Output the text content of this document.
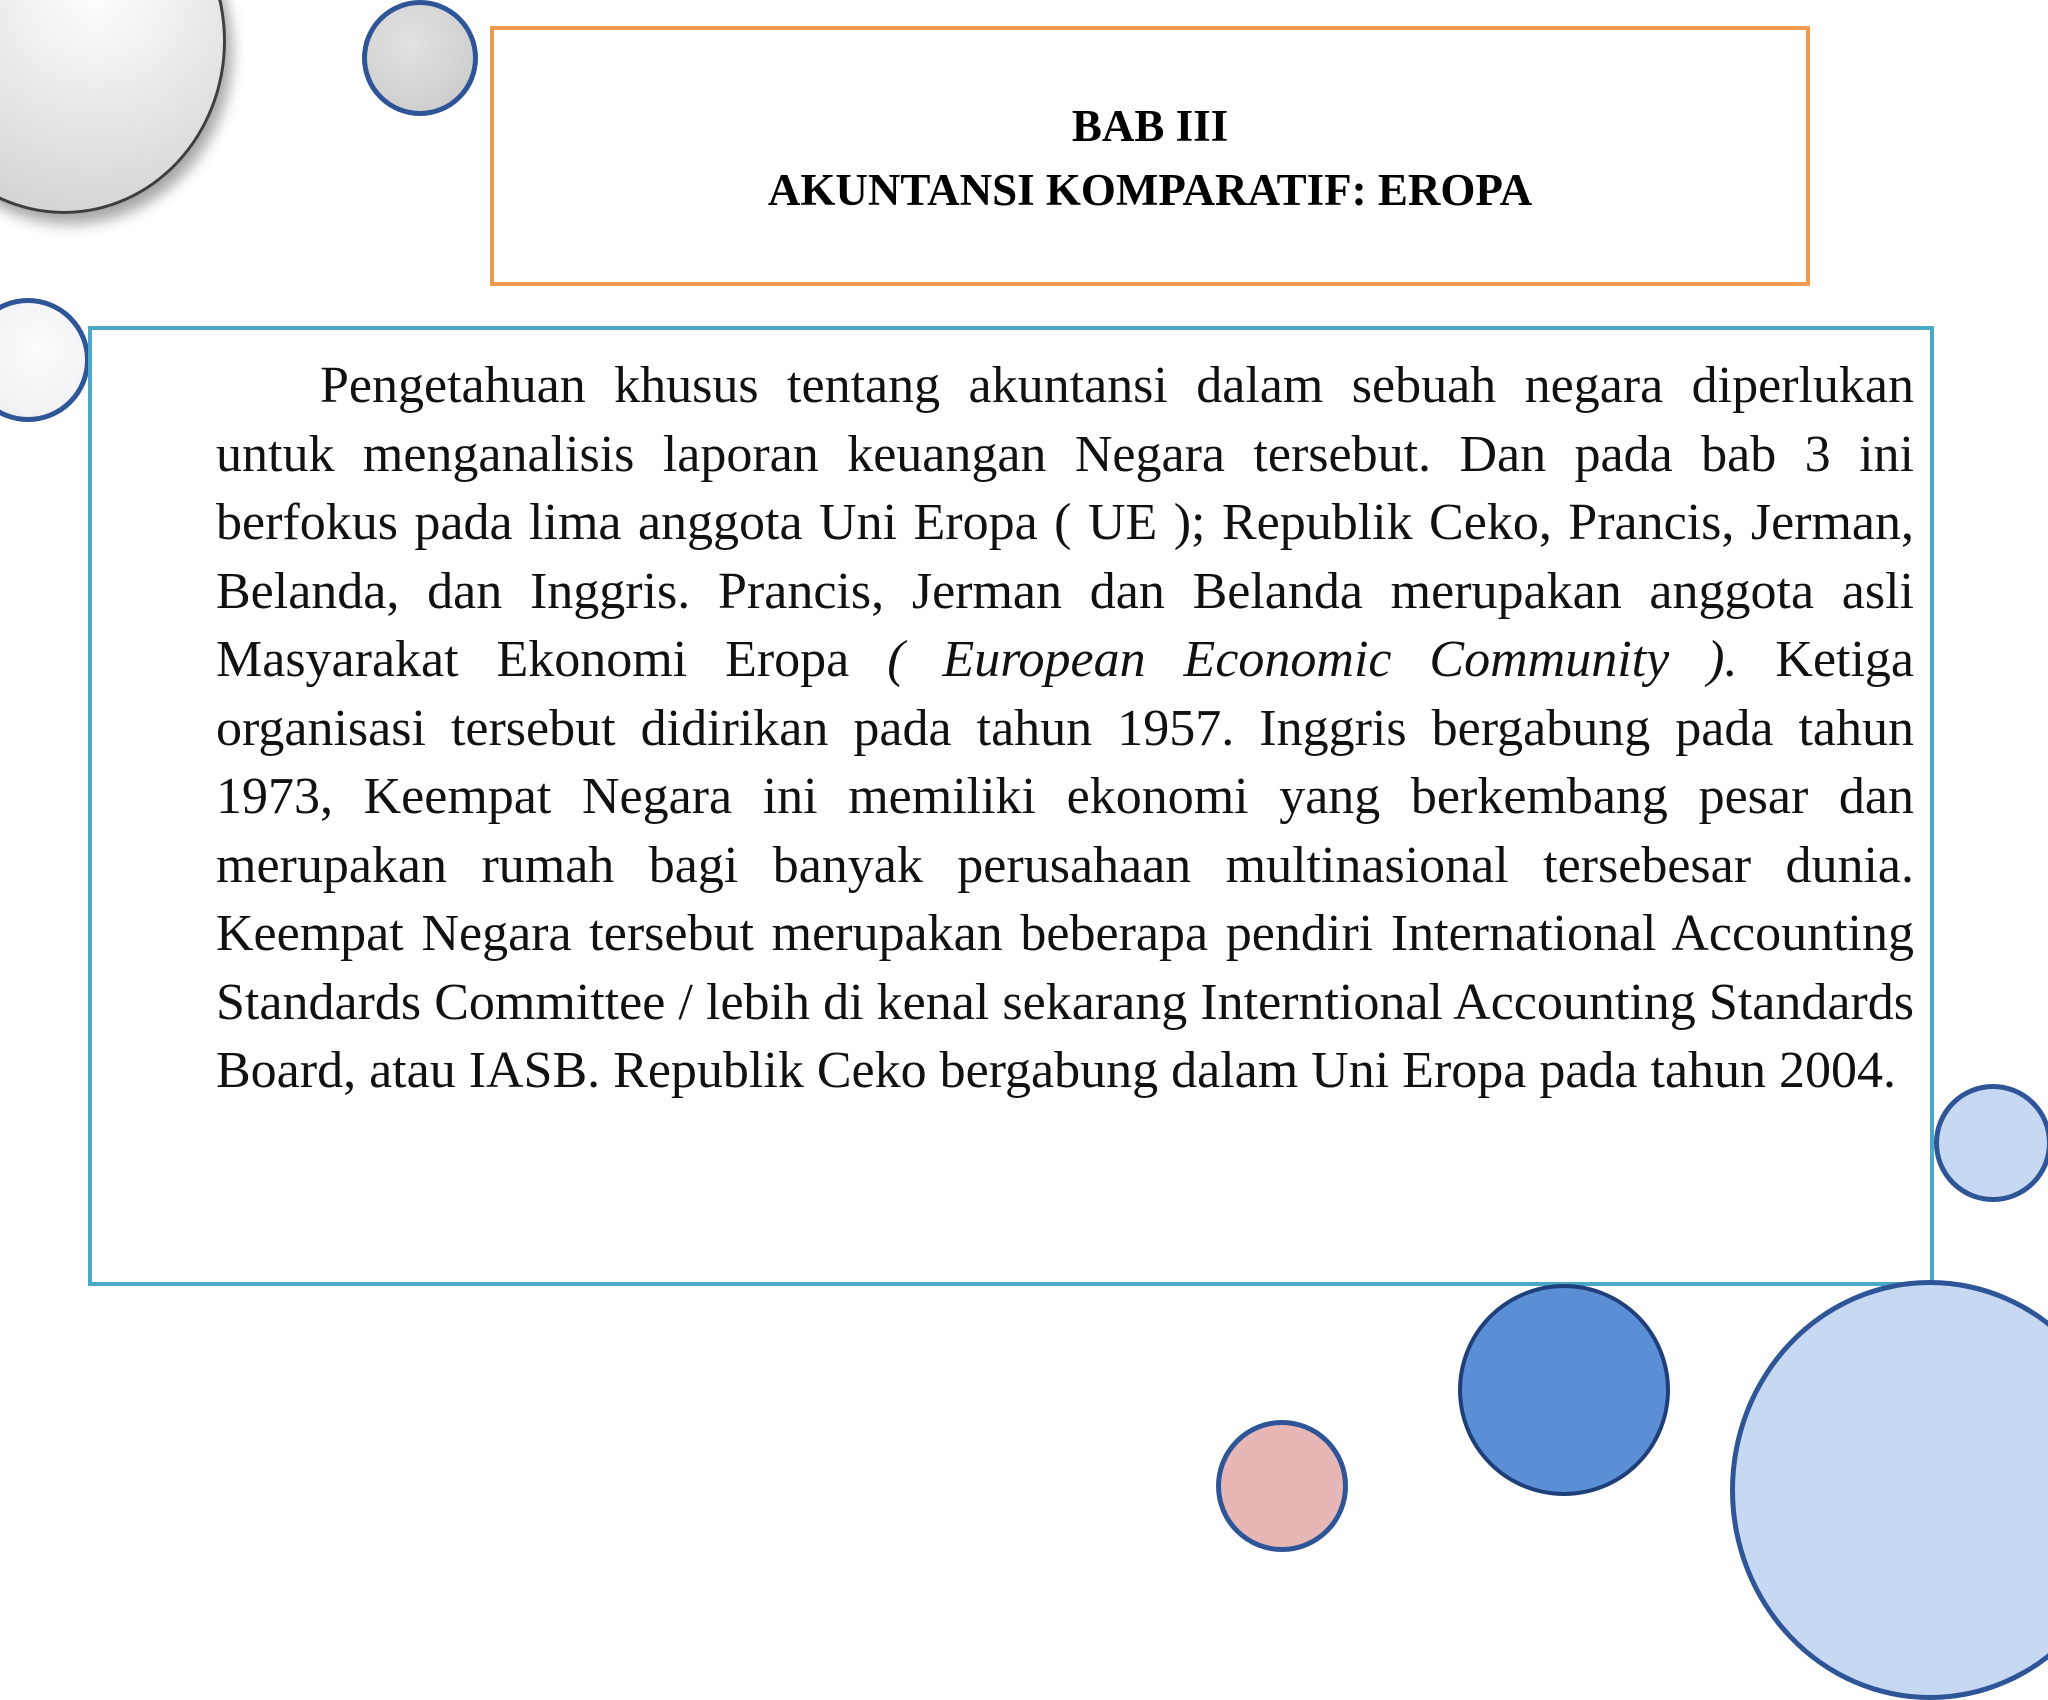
BAB III
AKUNTANSI KOMPARATIF: EROPA

Pengetahuan khusus tentang akuntansi dalam sebuah negara diperlukan untuk menganalisis laporan keuangan Negara tersebut. Dan pada bab 3 ini berfokus pada lima anggota Uni Eropa ( UE ); Republik Ceko, Prancis, Jerman, Belanda, dan Inggris. Prancis, Jerman dan Belanda merupakan anggota asli Masyarakat Ekonomi Eropa ( European Economic Community ). Ketiga organisasi tersebut didirikan pada tahun 1957. Inggris bergabung pada tahun 1973, Keempat Negara ini memiliki ekonomi yang berkembang pesar dan merupakan rumah bagi banyak perusahaan multinasional tersebesar dunia. Keempat Negara tersebut merupakan beberapa pendiri International Accounting Standards Committee / lebih di kenal sekarang Interntional Accounting Standards Board, atau IASB. Republik Ceko bergabung dalam Uni Eropa pada tahun 2004.
